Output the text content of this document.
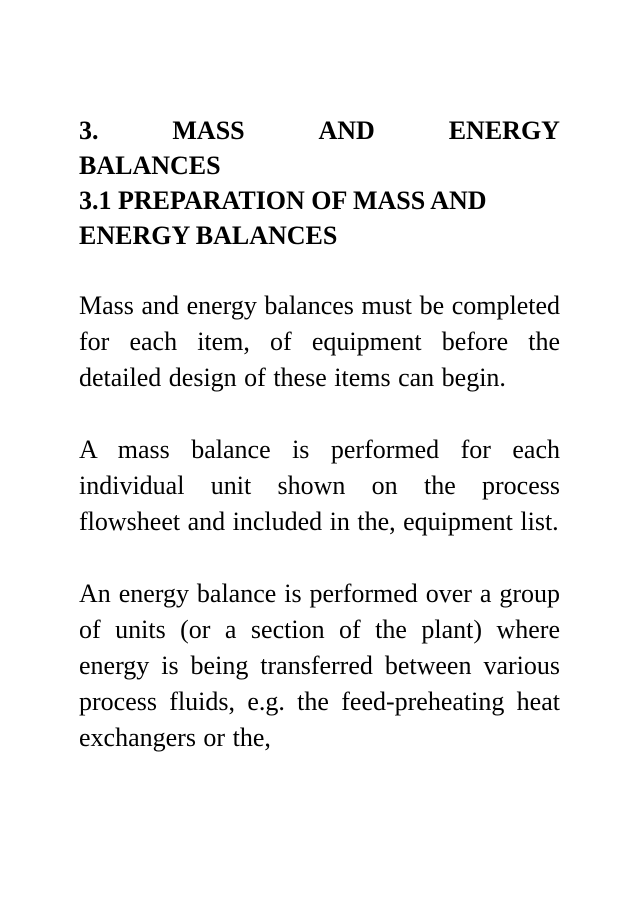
3.	MASS	AND	ENERGY
BALANCES
3.1 PREPARATION OF MASS AND
ENERGY BALANCES

Mass and energy balances must be completed for each item, of equipment before the detailed design of these items can begin.

A mass balance is performed for each individual unit shown on the process flowsheet and included in the, equipment list.

An energy balance is performed over a group of units (or a section of the plant) where energy is being transferred between various process fluids, e.g. the feed-preheating heat exchangers or the,
